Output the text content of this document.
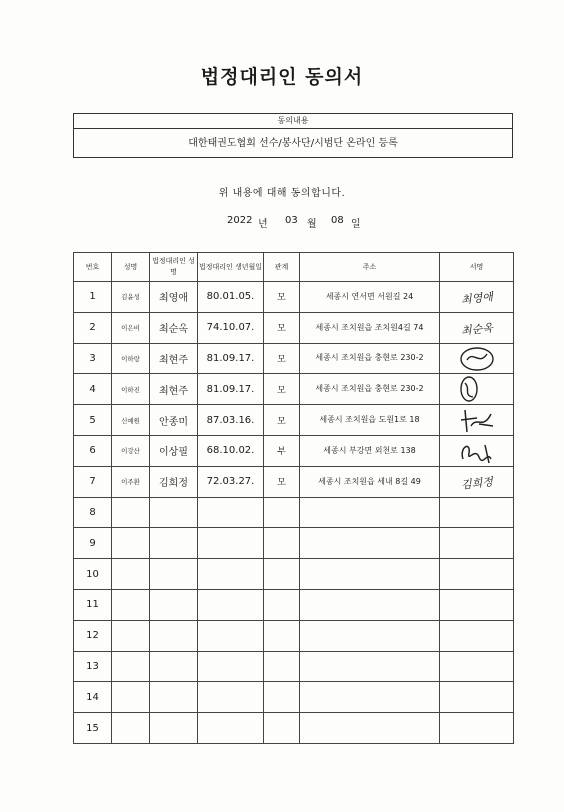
법정대리인 동의서
동의내용
대한태권도협회 선수/봉사단/시범단 온라인 등록
위 내용에 대해 동의합니다.
2022 년 03 월 08 일
번호	성명	법정대리인 성명	법정대리인 생년월일	관계	주소	서명
1	김윤성	최영애	80.01.05.	모	세종시 연서면 서원길 24	최영애
2	이은비	최순옥	74.10.07.	모	세종시 조치원읍 조치원4길 74	최순옥
3	이하랑	최현주	81.09.17.	모	세종시 조치원읍 충현로 230-2	

4	이하진	최현주	81.09.17.	모	세종시 조치원읍 충현로 230-2	

5	신예원	안종미	87.03.16.	모	세종시 조치원읍 도원1로 18	

6	이강산	이상필	68.10.02.	부	세종시 부강면 외천로 138	

7	이주환	김희정	72.03.27.	모	세종시 조치원읍 세내 8길 49	김희정
8						
9						
10						
11						
12						
13						
14						
15						
